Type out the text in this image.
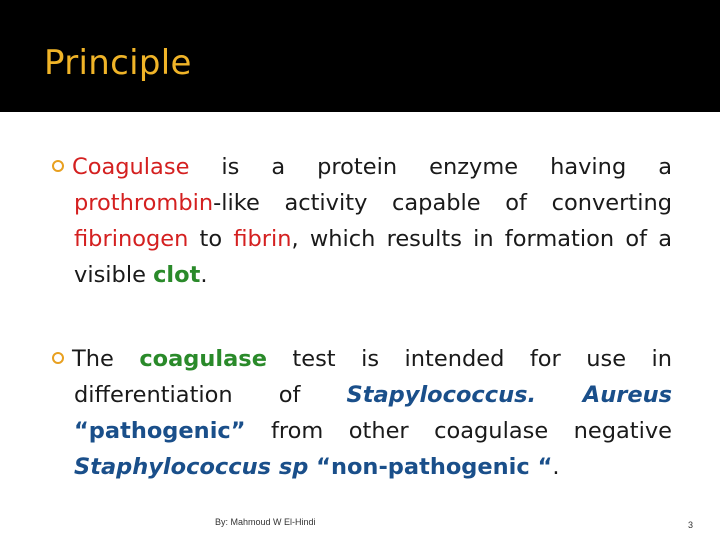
Principle

Coagulase is a protein enzyme having a prothrombin-like activity capable of converting fibrinogen to fibrin, which results in formation of a visible clot.

The coagulase test is intended for use in differentiation of Stapylococcus. Aureus “pathogenic” from other coagulase negative Staphylococcus sp “non-pathogenic “.

By: Mahmoud W El-Hindi	3
